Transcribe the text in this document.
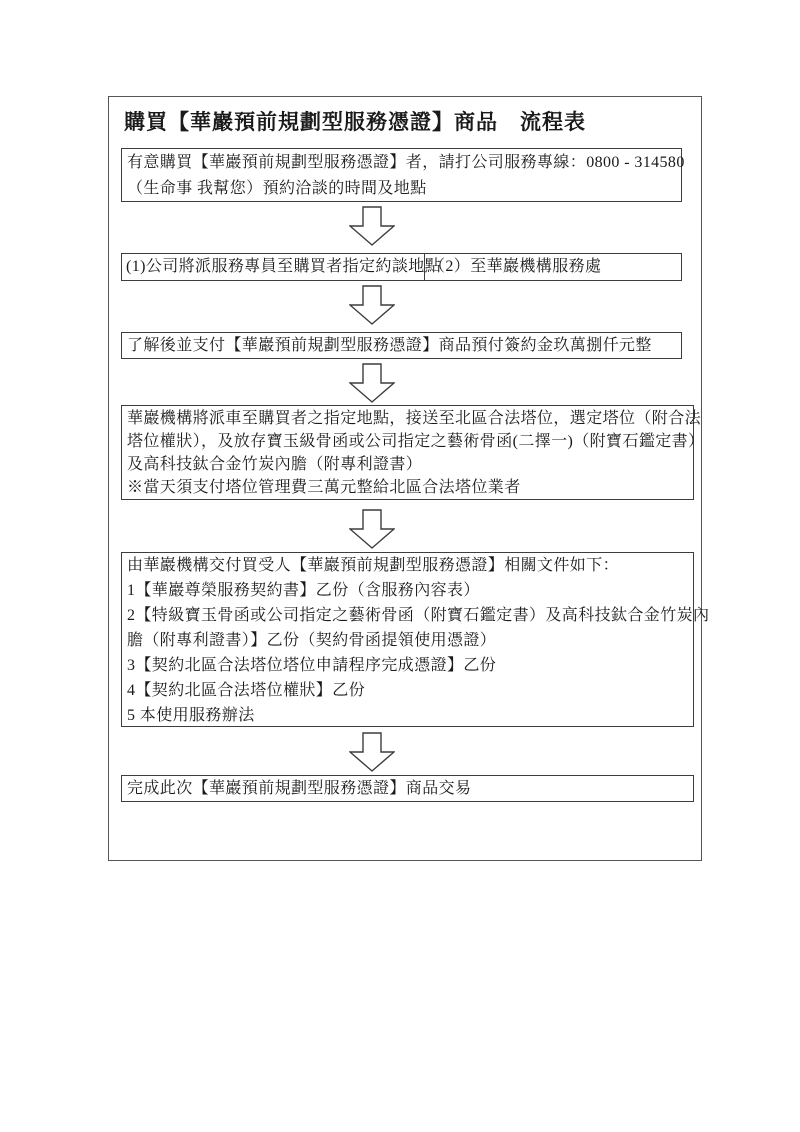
購買【華巖預前規劃型服務憑證】商品　流程表
有意購買【華巖預前規劃型服務憑證】者，請打公司服務專線：0800 - 314580
（生命事 我幫您）預約洽談的時間及地點
(1)公司將派服務專員至購買者指定約談地點
（2）至華巖機構服務處
了解後並支付【華巖預前規劃型服務憑證】商品預付簽約金玖萬捌仟元整
華巖機構將派車至購買者之指定地點，接送至北區合法塔位，選定塔位（附合法
塔位權狀），及放存寶玉級骨函或公司指定之藝術骨函(二擇一)（附寶石鑑定書）
及高科技鈦合金竹炭內膽（附專利證書）
※當天須支付塔位管理費三萬元整給北區合法塔位業者
由華巖機構交付買受人【華巖預前規劃型服務憑證】相關文件如下：
1【華巖尊榮服務契約書】乙份（含服務內容表）
2【特級寶玉骨函或公司指定之藝術骨函（附寶石鑑定書）及高科技鈦合金竹炭內
膽（附專利證書）】乙份（契約骨函提領使用憑證）
3【契約北區合法塔位塔位申請程序完成憑證】乙份
4【契約北區合法塔位權狀】乙份
5 本使用服務辦法
完成此次【華巖預前規劃型服務憑證】商品交易
